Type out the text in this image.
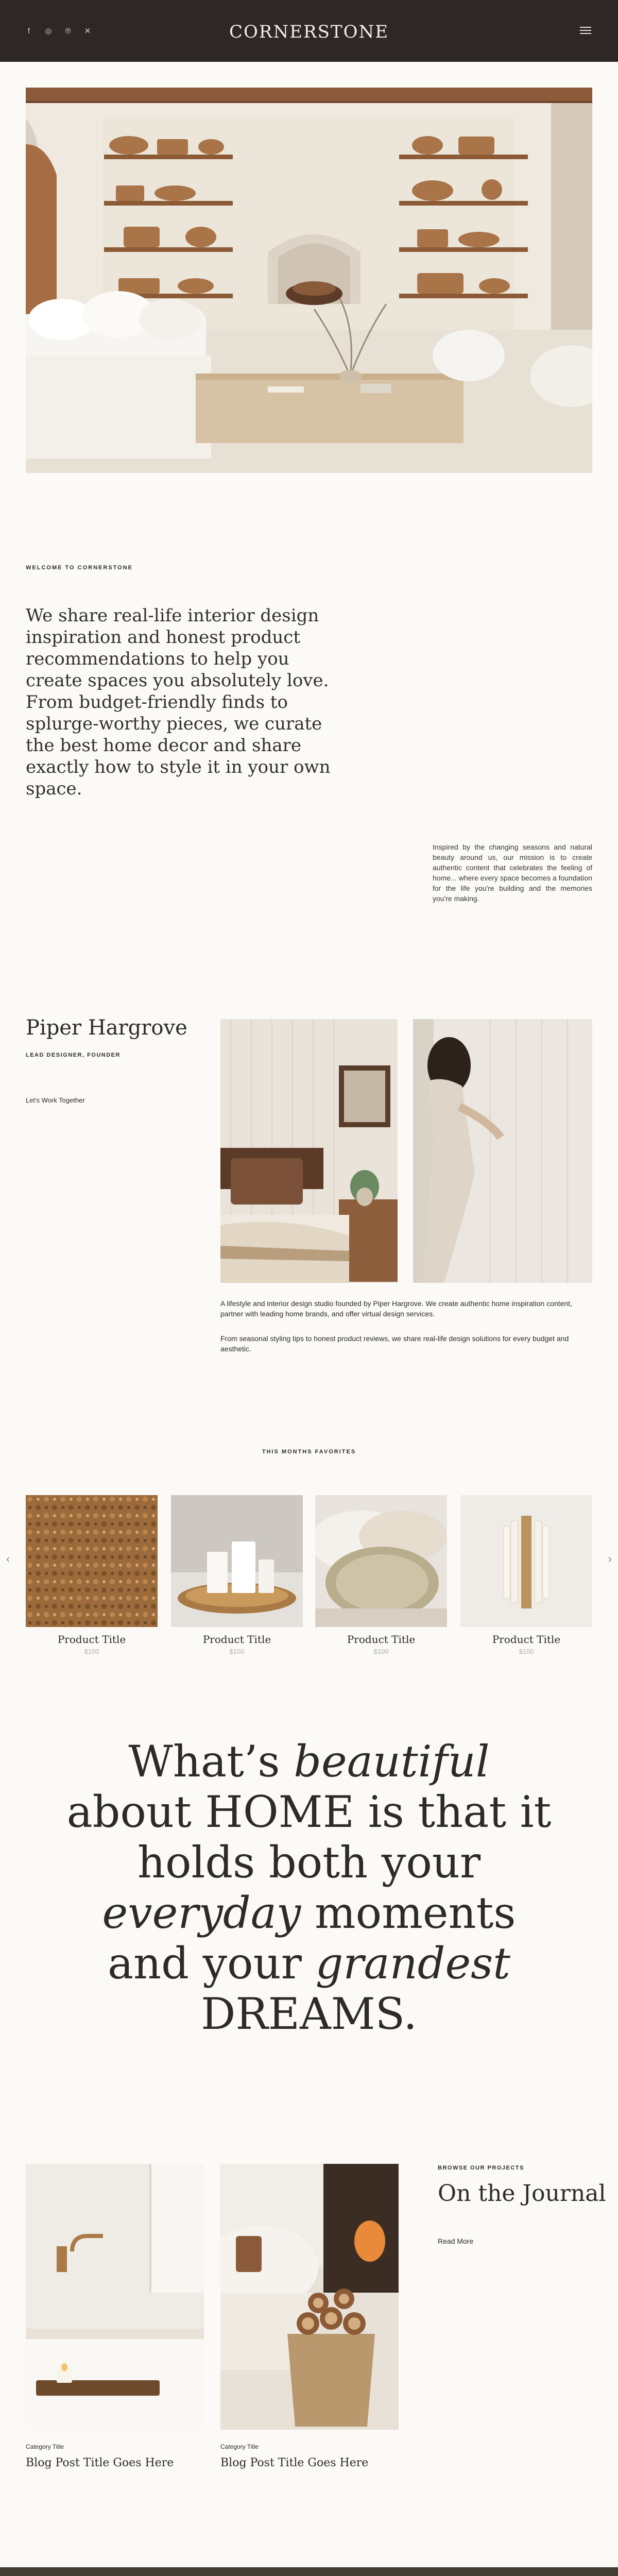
f	◎ ℗ ✕	CORNERSTONE
WELCOME TO CORNERSTONE
We share real-life interior design inspiration and honest product recommendations to help you create spaces you absolutely love. From budget-friendly finds to splurge-worthy pieces, we curate the best home decor and share exactly how to style it in your own space.
Inspired by the changing seasons and natural beauty around us, our mission is to create authentic content that celebrates the feeling of home... where every space becomes a foundation for the life you're building and the memories you're making.
Piper Hargrove
LEAD DESIGNER, FOUNDER
Let's Work Together
A lifestyle and interior design studio founded by Piper Hargrove. We create authentic home inspiration content, partner with leading home brands, and offer virtual design services.
From seasonal styling tips to honest product reviews, we share real-life design solutions for every budget and aesthetic.
THIS MONTHS FAVORITES
‹	›
Product Title
$100
Product Title
$100
Product Title
$100
Product Title
$100
What’s beautiful
about HOME is that it
holds both your
everyday moments
and your grandest
DREAMS.
Category Title
Blog Post Title Goes Here
Category Title
Blog Post Title Goes Here
BROWSE OUR PROJECTS
On the Journal
Read More
